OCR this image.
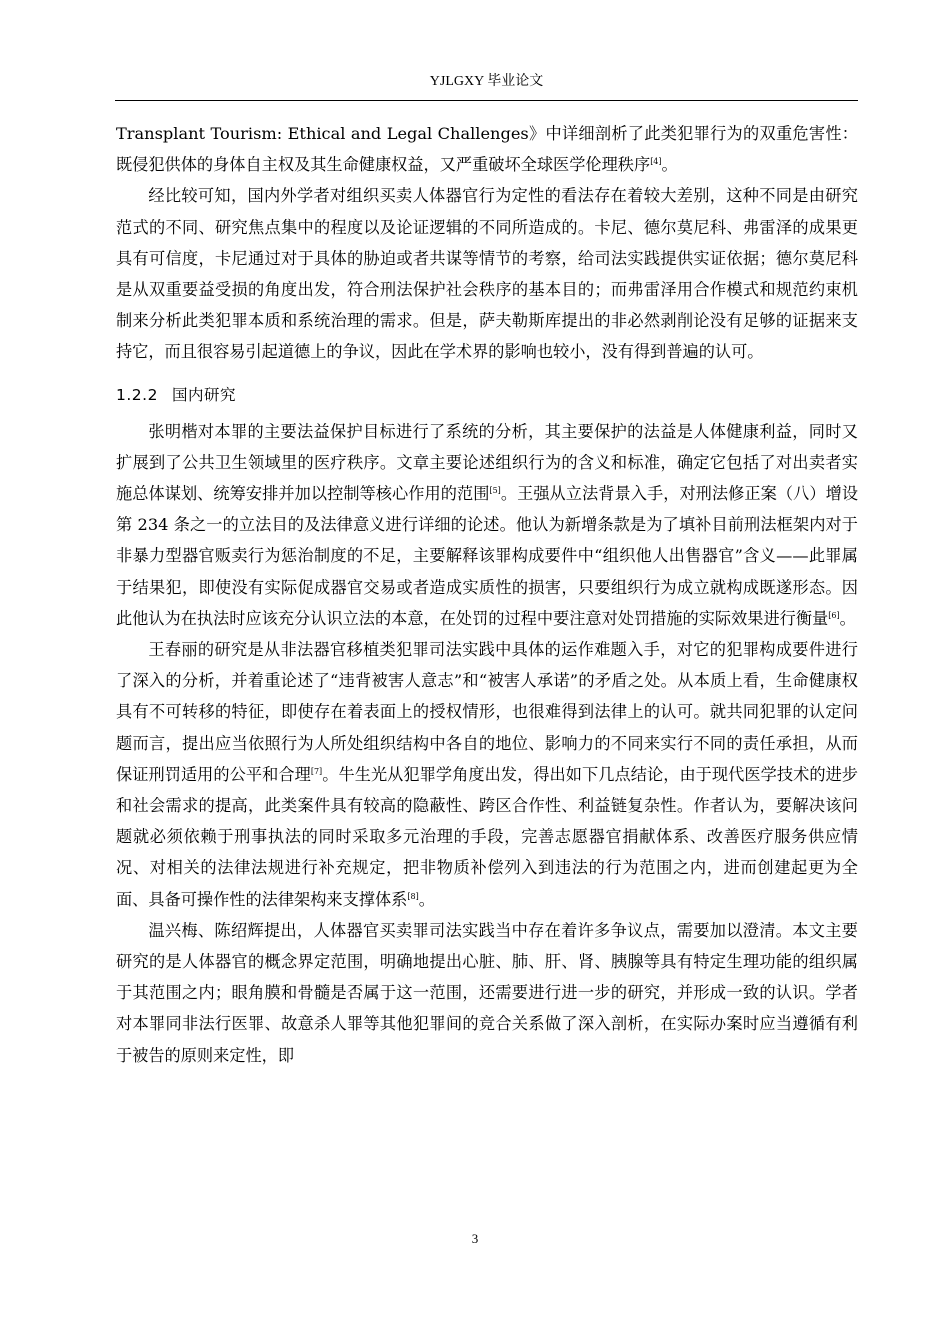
YJLGXY 毕业论文

Transplant Tourism: Ethical and Legal Challenges》中详细剖析了此类犯罪行为的双重危害性：既侵犯供体的身体自主权及其生命健康权益，又严重破坏全球医学伦理秩序[4]。

经比较可知，国内外学者对组织买卖人体器官行为定性的看法存在着较大差别，这种不同是由研究范式的不同、研究焦点集中的程度以及论证逻辑的不同所造成的。卡尼、德尔莫尼科、弗雷泽的成果更具有可信度，卡尼通过对于具体的胁迫或者共谋等情节的考察，给司法实践提供实证依据；德尔莫尼科是从双重要益受损的角度出发，符合刑法保护社会秩序的基本目的；而弗雷泽用合作模式和规范约束机制来分析此类犯罪本质和系统治理的需求。但是，萨夫勒斯库提出的非必然剥削论没有足够的证据来支持它，而且很容易引起道德上的争议，因此在学术界的影响也较小，没有得到普遍的认可。

1.2.2 国内研究

张明楷对本罪的主要法益保护目标进行了系统的分析，其主要保护的法益是人体健康利益，同时又扩展到了公共卫生领域里的医疗秩序。文章主要论述组织行为的含义和标准，确定它包括了对出卖者实施总体谋划、统筹安排并加以控制等核心作用的范围[5]。王强从立法背景入手，对刑法修正案（八）增设第 234 条之一的立法目的及法律意义进行详细的论述。他认为新增条款是为了填补目前刑法框架内对于非暴力型器官贩卖行为惩治制度的不足，主要解释该罪构成要件中“组织他人出售器官”含义——此罪属于结果犯，即使没有实际促成器官交易或者造成实质性的损害，只要组织行为成立就构成既遂形态。因此他认为在执法时应该充分认识立法的本意，在处罚的过程中要注意对处罚措施的实际效果进行衡量[6]。

王春丽的研究是从非法器官移植类犯罪司法实践中具体的运作难题入手，对它的犯罪构成要件进行了深入的分析，并着重论述了“违背被害人意志”和“被害人承诺”的矛盾之处。从本质上看，生命健康权具有不可转移的特征，即使存在着表面上的授权情形，也很难得到法律上的认可。就共同犯罪的认定问题而言，提出应当依照行为人所处组织结构中各自的地位、影响力的不同来实行不同的责任承担，从而保证刑罚适用的公平和合理[7]。牛生光从犯罪学角度出发，得出如下几点结论，由于现代医学技术的进步和社会需求的提高，此类案件具有较高的隐蔽性、跨区合作性、利益链复杂性。作者认为，要解决该问题就必须依赖于刑事执法的同时采取多元治理的手段，完善志愿器官捐献体系、改善医疗服务供应情况、对相关的法律法规进行补充规定，把非物质补偿列入到违法的行为范围之内，进而创建起更为全面、具备可操作性的法律架构来支撑体系[8]。

温兴梅、陈绍辉提出，人体器官买卖罪司法实践当中存在着许多争议点，需要加以澄清。本文主要研究的是人体器官的概念界定范围，明确地提出心脏、肺、肝、肾、胰腺等具有特定生理功能的组织属于其范围之内；眼角膜和骨髓是否属于这一范围，还需要进行进一步的研究，并形成一致的认识。学者对本罪同非法行医罪、故意杀人罪等其他犯罪间的竞合关系做了深入剖析，在实际办案时应当遵循有利于被告的原则来定性，即

3
